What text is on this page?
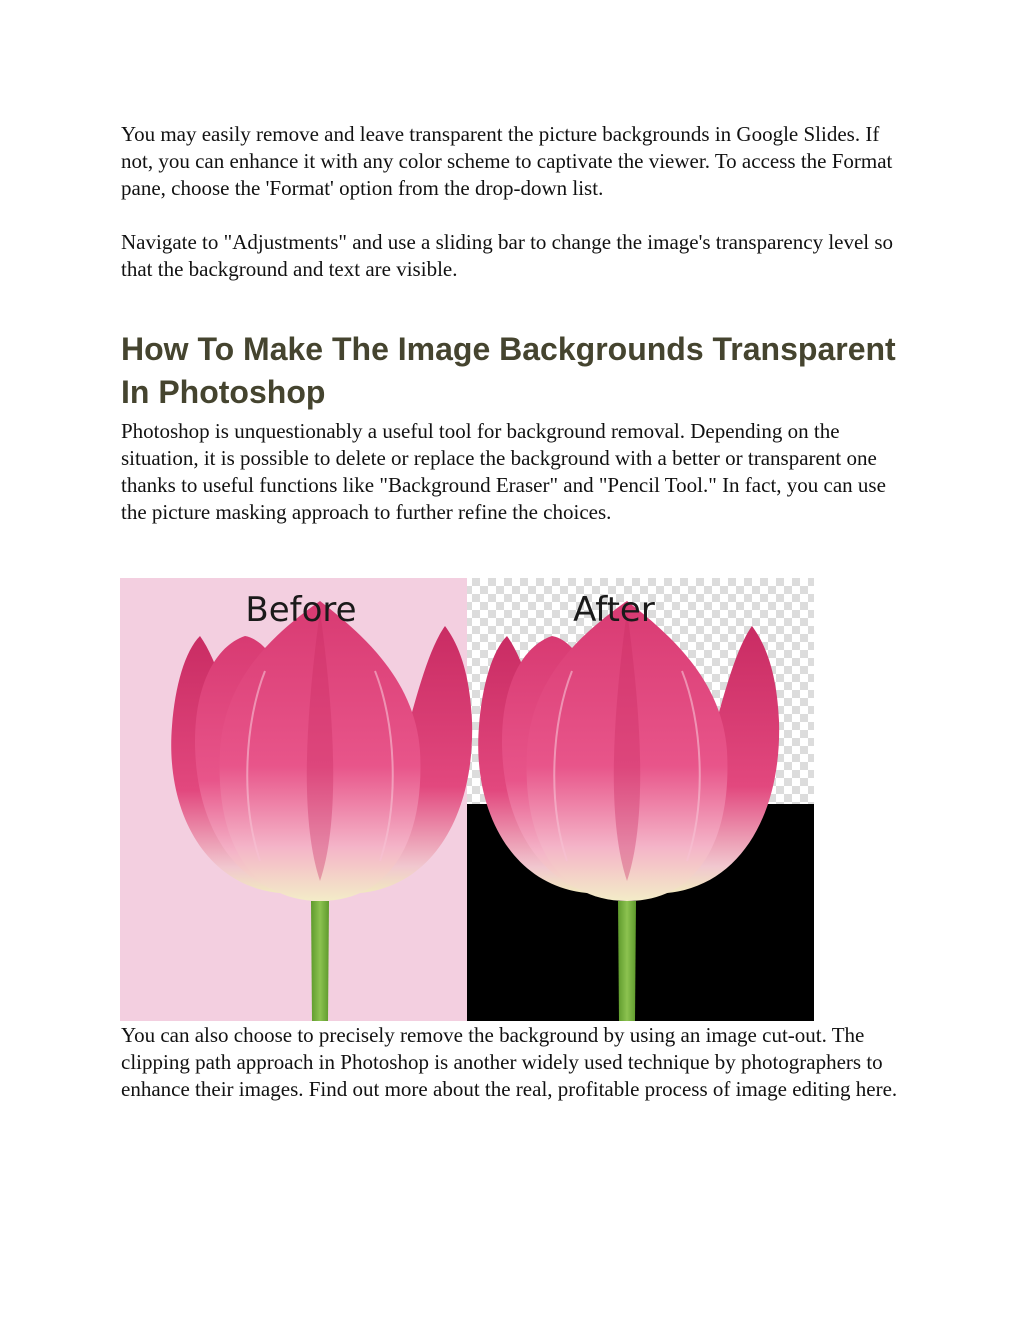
You may easily remove and leave transparent the picture backgrounds in Google Slides. If not, you can enhance it with any color scheme to captivate the viewer. To access the Format pane, choose the 'Format' option from the drop-down list.

Navigate to "Adjustments" and use a sliding bar to change the image's transparency level so that the background and text are visible.

How To Make The Image Backgrounds Transparent In Photoshop

Photoshop is unquestionably a useful tool for background removal. Depending on the situation, it is possible to delete or replace the background with a better or transparent one thanks to useful functions like "Background Eraser" and "Pencil Tool." In fact, you can use the picture masking approach to further refine the choices.

Before	After

You can also choose to precisely remove the background by using an image cut-out. The clipping path approach in Photoshop is another widely used technique by photographers to enhance their images. Find out more about the real, profitable process of image editing here.
